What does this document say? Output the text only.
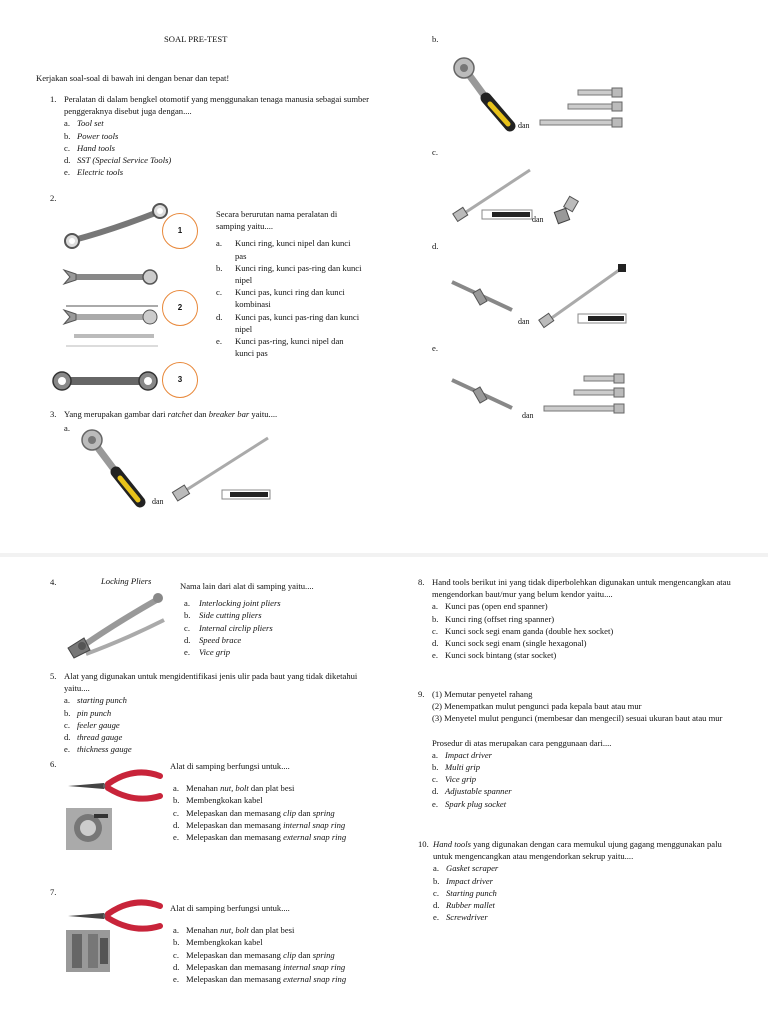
SOAL PRE-TEST
Kerjakan soal-soal di bawah ini dengan benar dan tepat!
1. Peralatan di dalam bengkel otomotif yang menggunakan tenaga manusia sebagai sumber penggeraknya disebut juga dengan....
a. Tool set
b. Power tools
c. Hand tools
d. SST (Special Service Tools)
e. Electric tools
2.
1
2
3
Secara berurutan nama peralatan di samping yaitu....
a.	Kunci ring, kunci nipel dan kunci pas
b.	Kunci ring, kunci pas-ring dan kunci nipel
c.	Kunci pas, kunci ring dan kunci kombinasi
d.	Kunci pas, kunci pas-ring dan kunci nipel
e.	Kunci pas-ring, kunci nipel dan kunci pas
3. Yang merupakan gambar dari ratchet dan breaker bar yaitu....
a.
dan
b.
dan
c.
dan
d.
dan
e.
dan
4.	Locking Pliers	Nama lain dari alat di samping yaitu....
a.	Interlocking joint pliers
b. Side cutting pliers
c.	Internal circlip pliers
d. Speed brace
e.	Vice grip
5. Alat yang digunakan untuk mengidentifikasi jenis ulir pada baut yang tidak diketahui yaitu....
a. starting punch
b. pin punch
c. feeler gauge
d. thread gauge
e. thickness gauge
6.	Alat di samping berfungsi untuk....
a. Menahan nut, bolt dan plat besi
b. Membengkokan kabel
c. Melepaskan dan memasang clip dan spring
d. Melepaskan dan memasang internal snap ring
e. Melepaskan dan memasang external snap ring
7.
Alat di samping berfungsi untuk....
a. Menahan nut, bolt dan plat besi
b. Membengkokan kabel
c. Melepaskan dan memasang clip dan spring
d. Melepaskan dan memasang internal snap ring
e. Melepaskan dan memasang external snap ring
8. Hand tools berikut ini yang tidak diperbolehkan digunakan untuk mengencangkan atau mengendorkan baut/mur yang belum kendor yaitu....
a. Kunci pas (open end spanner)
b. Kunci ring (offset ring spanner)
c. Kunci sock segi enam ganda (double hex socket)
d. Kunci sock segi enam (single hexagonal)
e. Kunci sock bintang (star socket)
9. (1) Memutar penyetel rahang
(2) Menempatkan mulut pengunci pada kepala baut atau mur
(3) Menyetel mulut pengunci (membesar dan mengecil) sesuai ukuran baut atau mur
Prosedur di atas merupakan cara penggunaan dari....
a. Impact driver
b. Multi grip
c. Vice grip
d. Adjustable spanner
e. Spark plug socket
10. Hand tools yang digunakan dengan cara memukul ujung gagang menggunakan palu untuk mengencangkan atau mengendorkan sekrup yaitu....
a. Gasket scraper
b. Impact driver
c. Starting punch
d. Rubber mallet
e. Screwdriver
